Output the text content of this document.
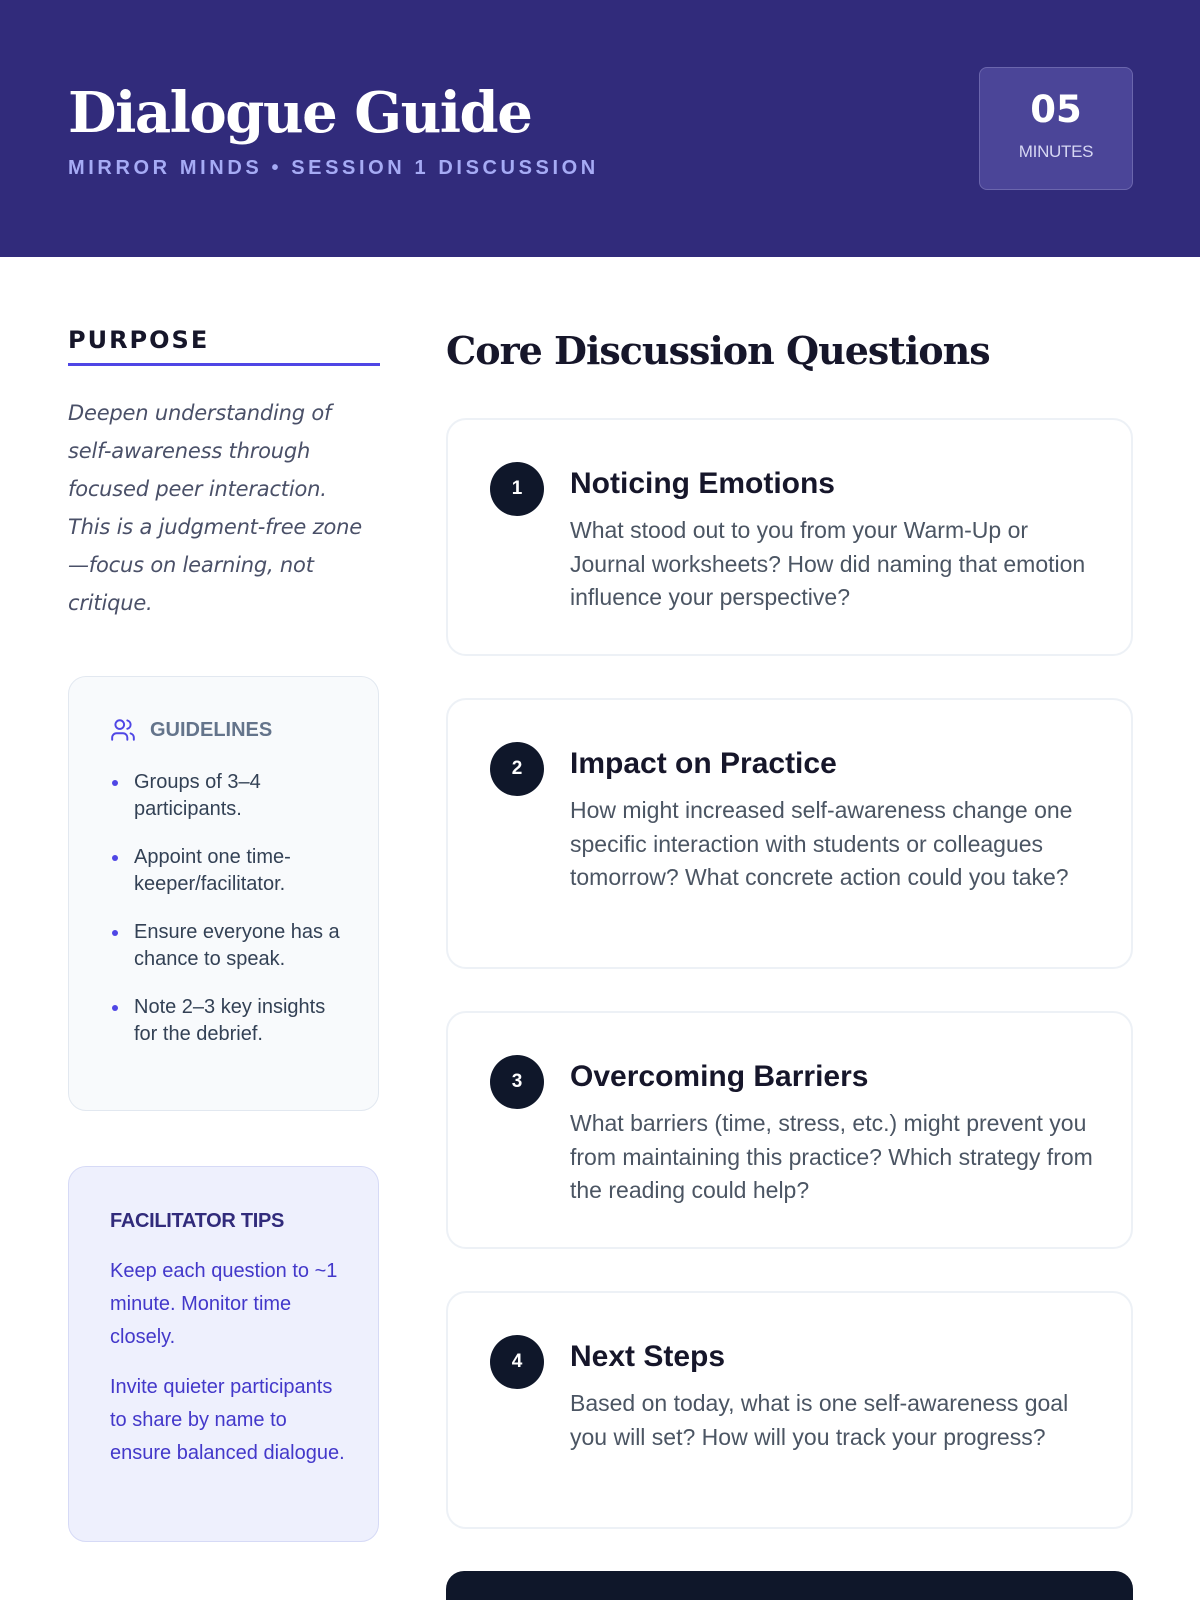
Dialogue Guide
MIRROR MINDS • SESSION 1 DISCUSSION
05
MINUTES
PURPOSE

Deepen understanding of self-awareness through focused peer interaction. This is a judgment-free zone—focus on learning, not critique.

GUIDELINES
Groups of 3–4 participants.
Appoint one time-keeper/facilitator.
Ensure everyone has a chance to speak.
Note 2–3 key insights for the debrief.
FACILITATOR TIPS

Keep each question to ~1 minute. Monitor time closely.

Invite quieter participants to share by name to ensure balanced dialogue.

Core Discussion Questions
1	Noticing Emotions

What stood out to you from your Warm-Up or Journal worksheets? How did naming that emotion influence your perspective?

2	Impact on Practice

How might increased self-awareness change one specific interaction with students or colleagues tomorrow? What concrete action could you take?

3	Overcoming Barriers

What barriers (time, stress, etc.) might prevent you from maintaining this practice? Which strategy from the reading could help?

4	Next Steps

Based on today, what is one self-awareness goal you will set? How will you track your progress?
